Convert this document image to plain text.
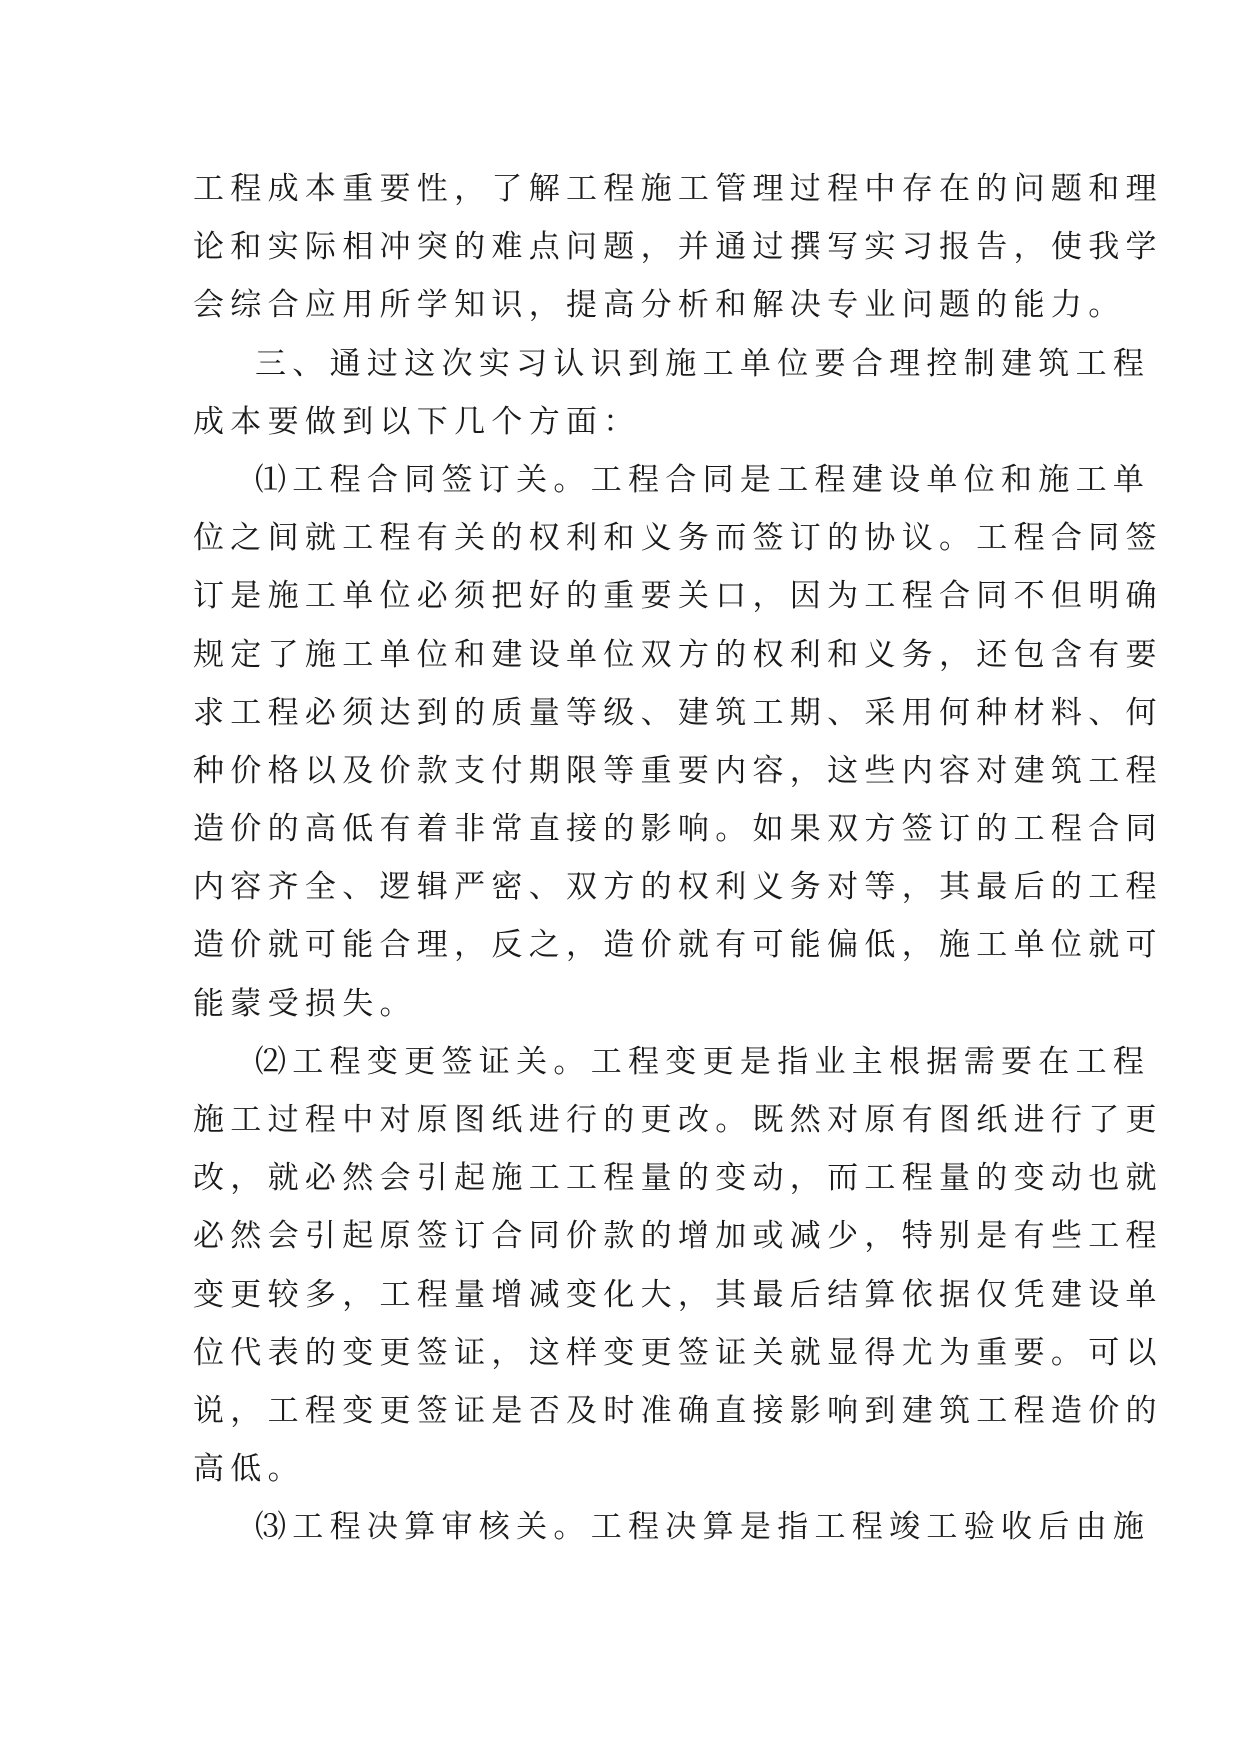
工程成本重要性，了解工程施工管理过程中存在的问题和理
论和实际相冲突的难点问题，并通过撰写实习报告，使我学
会综合应用所学知识，提高分析和解决专业问题的能力。
三、通过这次实习认识到施工单位要合理控制建筑工程
成本要做到以下几个方面：
⑴工程合同签订关。工程合同是工程建设单位和施工单
位之间就工程有关的权利和义务而签订的协议。工程合同签
订是施工单位必须把好的重要关口，因为工程合同不但明确
规定了施工单位和建设单位双方的权利和义务，还包含有要
求工程必须达到的质量等级、建筑工期、采用何种材料、何
种价格以及价款支付期限等重要内容，这些内容对建筑工程
造价的高低有着非常直接的影响。如果双方签订的工程合同
内容齐全、逻辑严密、双方的权利义务对等，其最后的工程
造价就可能合理，反之，造价就有可能偏低，施工单位就可
能蒙受损失。
⑵工程变更签证关。工程变更是指业主根据需要在工程
施工过程中对原图纸进行的更改。既然对原有图纸进行了更
改，就必然会引起施工工程量的变动，而工程量的变动也就
必然会引起原签订合同价款的增加或减少，特别是有些工程
变更较多，工程量增减变化大，其最后结算依据仅凭建设单
位代表的变更签证，这样变更签证关就显得尤为重要。可以
说，工程变更签证是否及时准确直接影响到建筑工程造价的
高低。
⑶工程决算审核关。工程决算是指工程竣工验收后由施
